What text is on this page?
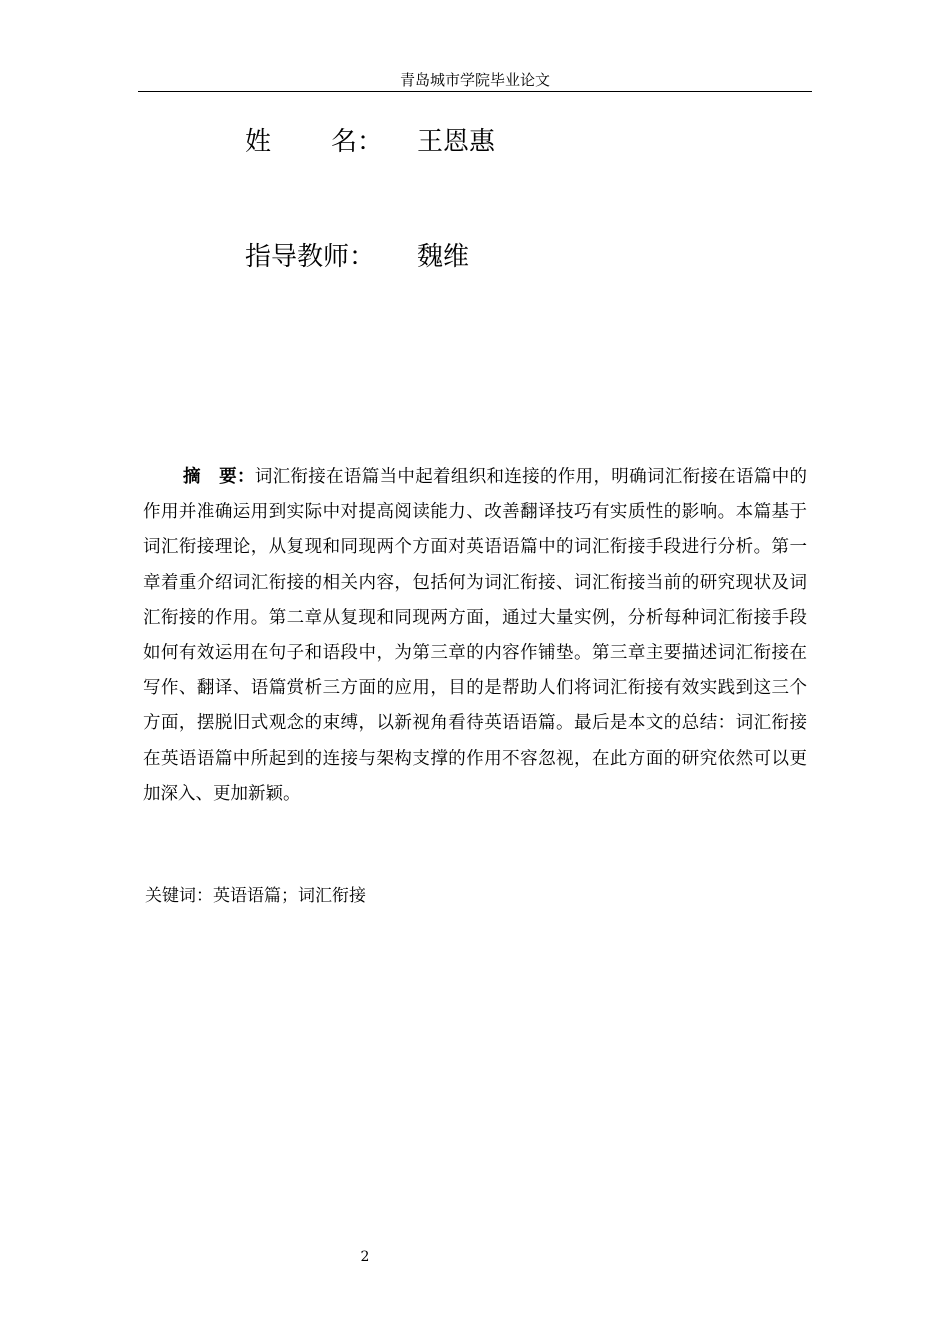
青岛城市学院毕业论文
姓 名： 王恩惠
指导教师： 魏维

摘 要：词汇衔接在语篇当中起着组织和连接的作用，明确词汇衔接在语篇中的作用并准确运用到实际中对提高阅读能力、改善翻译技巧有实质性的影响。本篇基于词汇衔接理论，从复现和同现两个方面对英语语篇中的词汇衔接手段进行分析。第一章着重介绍词汇衔接的相关内容，包括何为词汇衔接、词汇衔接当前的研究现状及词汇衔接的作用。第二章从复现和同现两方面，通过大量实例，分析每种词汇衔接手段如何有效运用在句子和语段中，为第三章的内容作铺垫。第三章主要描述词汇衔接在写作、翻译、语篇赏析三方面的应用，目的是帮助人们将词汇衔接有效实践到这三个方面，摆脱旧式观念的束缚，以新视角看待英语语篇。最后是本文的总结：词汇衔接在英语语篇中所起到的连接与架构支撑的作用不容忽视，在此方面的研究依然可以更加深入、更加新颖。

关键词：英语语篇；词汇衔接
2
